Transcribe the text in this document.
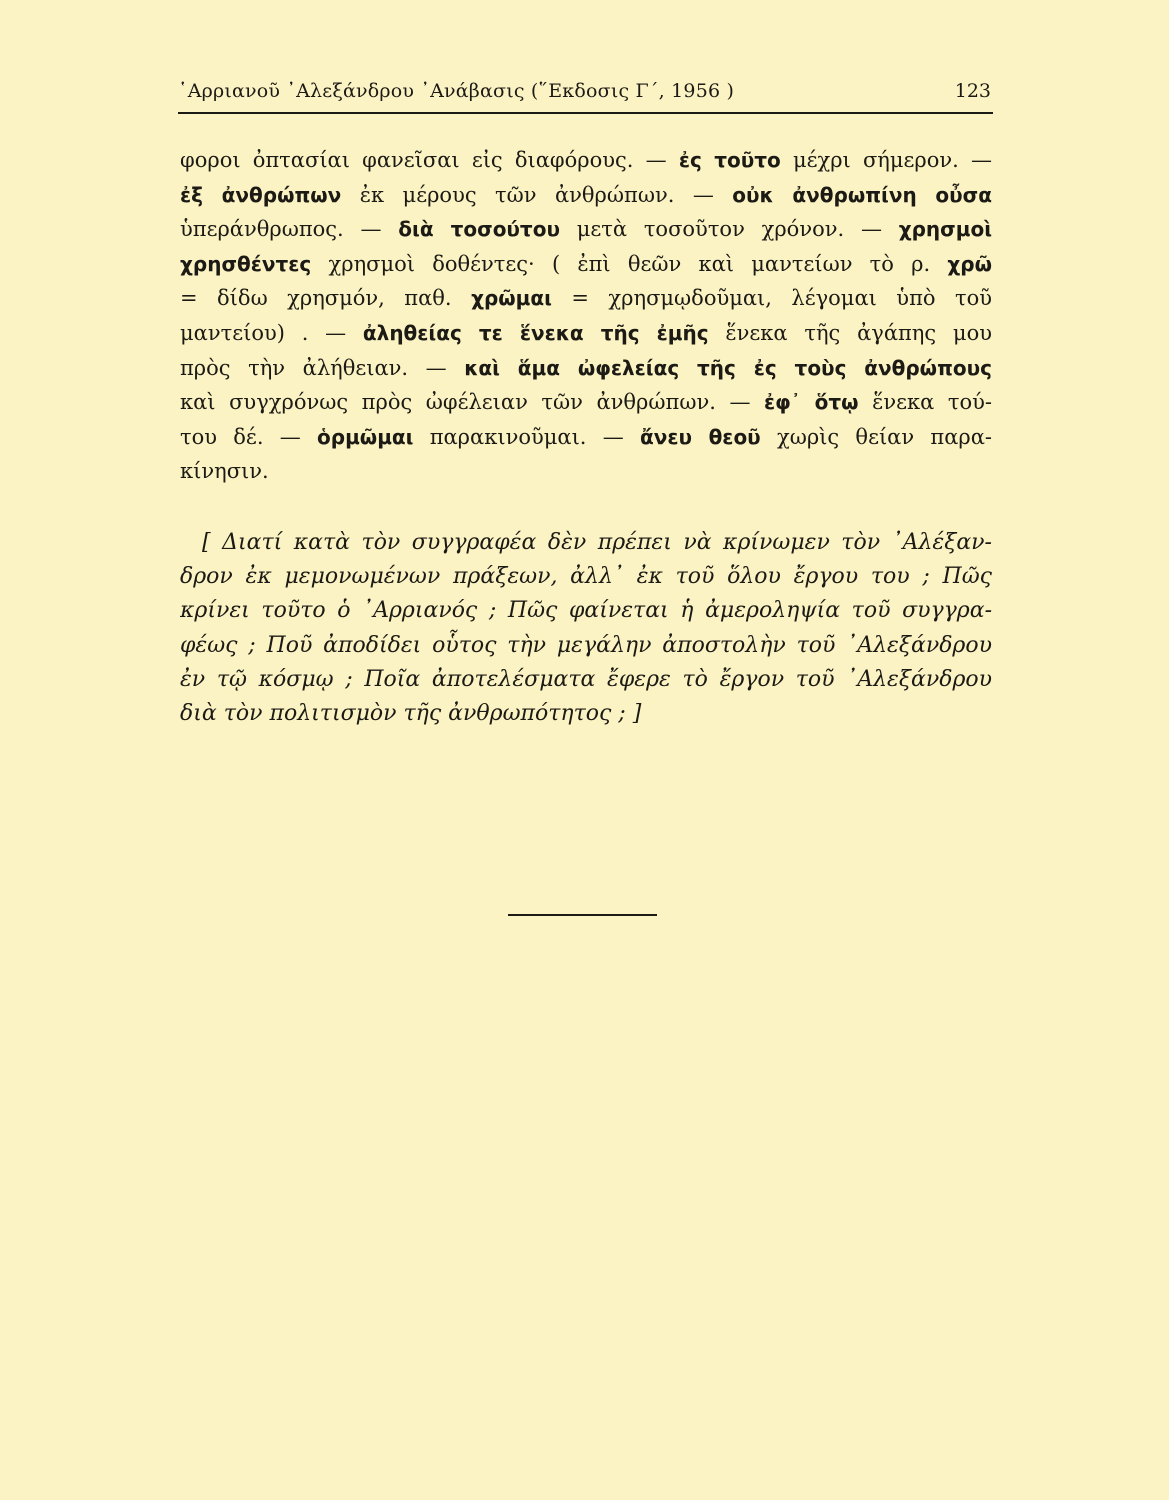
῾Αρριανοῦ ᾿Αλεξάνδρου ᾿Ανάβασις (῞Εκδοσις Γ΄, 1956 )	123
φοροι ὀπτασίαι φανεῖσαι εἰς διαφόρους. — ἐς τοῦτο μέχρι σήμερον. —
ἐξ ἀνθρώπων ἐκ μέρους τῶν ἀνθρώπων. — οὐκ ἀνθρωπίνη οὖσα
ὑπεράνθρωπος. — διὰ τοσούτου μετὰ τοσοῦτον χρόνον. — χρησμοὶ
χρησθέντες χρησμοὶ δοθέντες· ( ἐπὶ θεῶν καὶ μαντείων τὸ ρ. χρῶ
= δίδω χρησμόν, παθ. χρῶμαι = χρησμῳδοῦμαι, λέγομαι ὑπὸ τοῦ
μαντείου) . — ἀληθείας τε ἕνεκα τῆς ἐμῆς ἕνεκα τῆς ἀγάπης μου
πρὸς τὴν ἀλήθειαν. — καὶ ἅμα ὠφελείας τῆς ἐς τοὺς ἀνθρώπους
καὶ συγχρόνως πρὸς ὠφέλειαν τῶν ἀνθρώπων. — ἐφ᾿ ὅτῳ ἕνεκα τού-
του δέ. — ὁρμῶμαι παρακινοῦμαι. — ἄνευ θεοῦ χωρὶς θείαν παρα-
κίνησιν.
[ Διατί κατὰ τὸν συγγραφέα δὲν πρέπει νὰ κρίνωμεν τὸν ᾿Αλέξαν-
δρον ἐκ μεμονωμένων πράξεων, ἀλλ᾿ ἐκ τοῦ ὅλου ἔργου του ; Πῶς
κρίνει τοῦτο ὁ ᾿Αρριανός ; Πῶς φαίνεται ἡ ἀμεροληψία τοῦ συγγρα-
φέως ; Ποῦ ἀποδίδει οὗτος τὴν μεγάλην ἀποστολὴν τοῦ ᾿Αλεξάνδρου
ἐν τῷ κόσμῳ ; Ποῖα ἀποτελέσματα ἔφερε τὸ ἔργον τοῦ ᾿Αλεξάνδρου
διὰ τὸν πολιτισμὸν τῆς ἀνθρωπότητος ; ]
